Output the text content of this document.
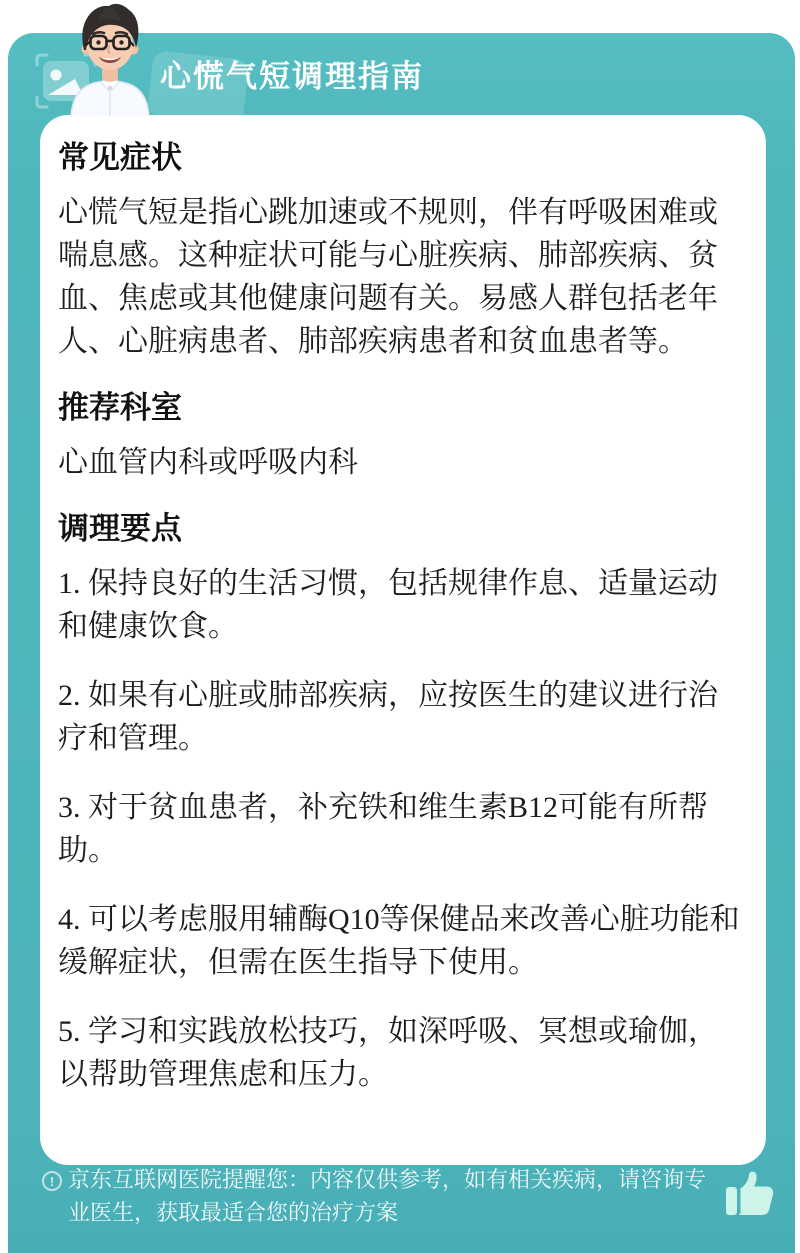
心慌气短调理指南
常见症状

心慌气短是指心跳加速或不规则，伴有呼吸困难或喘息感。这种症状可能与心脏疾病、肺部疾病、贫血、焦虑或其他健康问题有关。易感人群包括老年人、心脏病患者、肺部疾病患者和贫血患者等。

推荐科室

心血管内科或呼吸内科

调理要点
1. 保持良好的生活习惯，包括规律作息、适量运动和健康饮食。
2. 如果有心脏或肺部疾病，应按医生的建议进行治疗和管理。
3. 对于贫血患者，补充铁和维生素B12可能有所帮助。
4. 可以考虑服用辅酶Q10等保健品来改善心脏功能和缓解症状，但需在医生指导下使用。
5. 学习和实践放松技巧，如深呼吸、冥想或瑜伽，以帮助管理焦虑和压力。
! 京东互联网医院提醒您：内容仅供参考，如有相关疾病，请咨询专业医生，获取最适合您的治疗方案
